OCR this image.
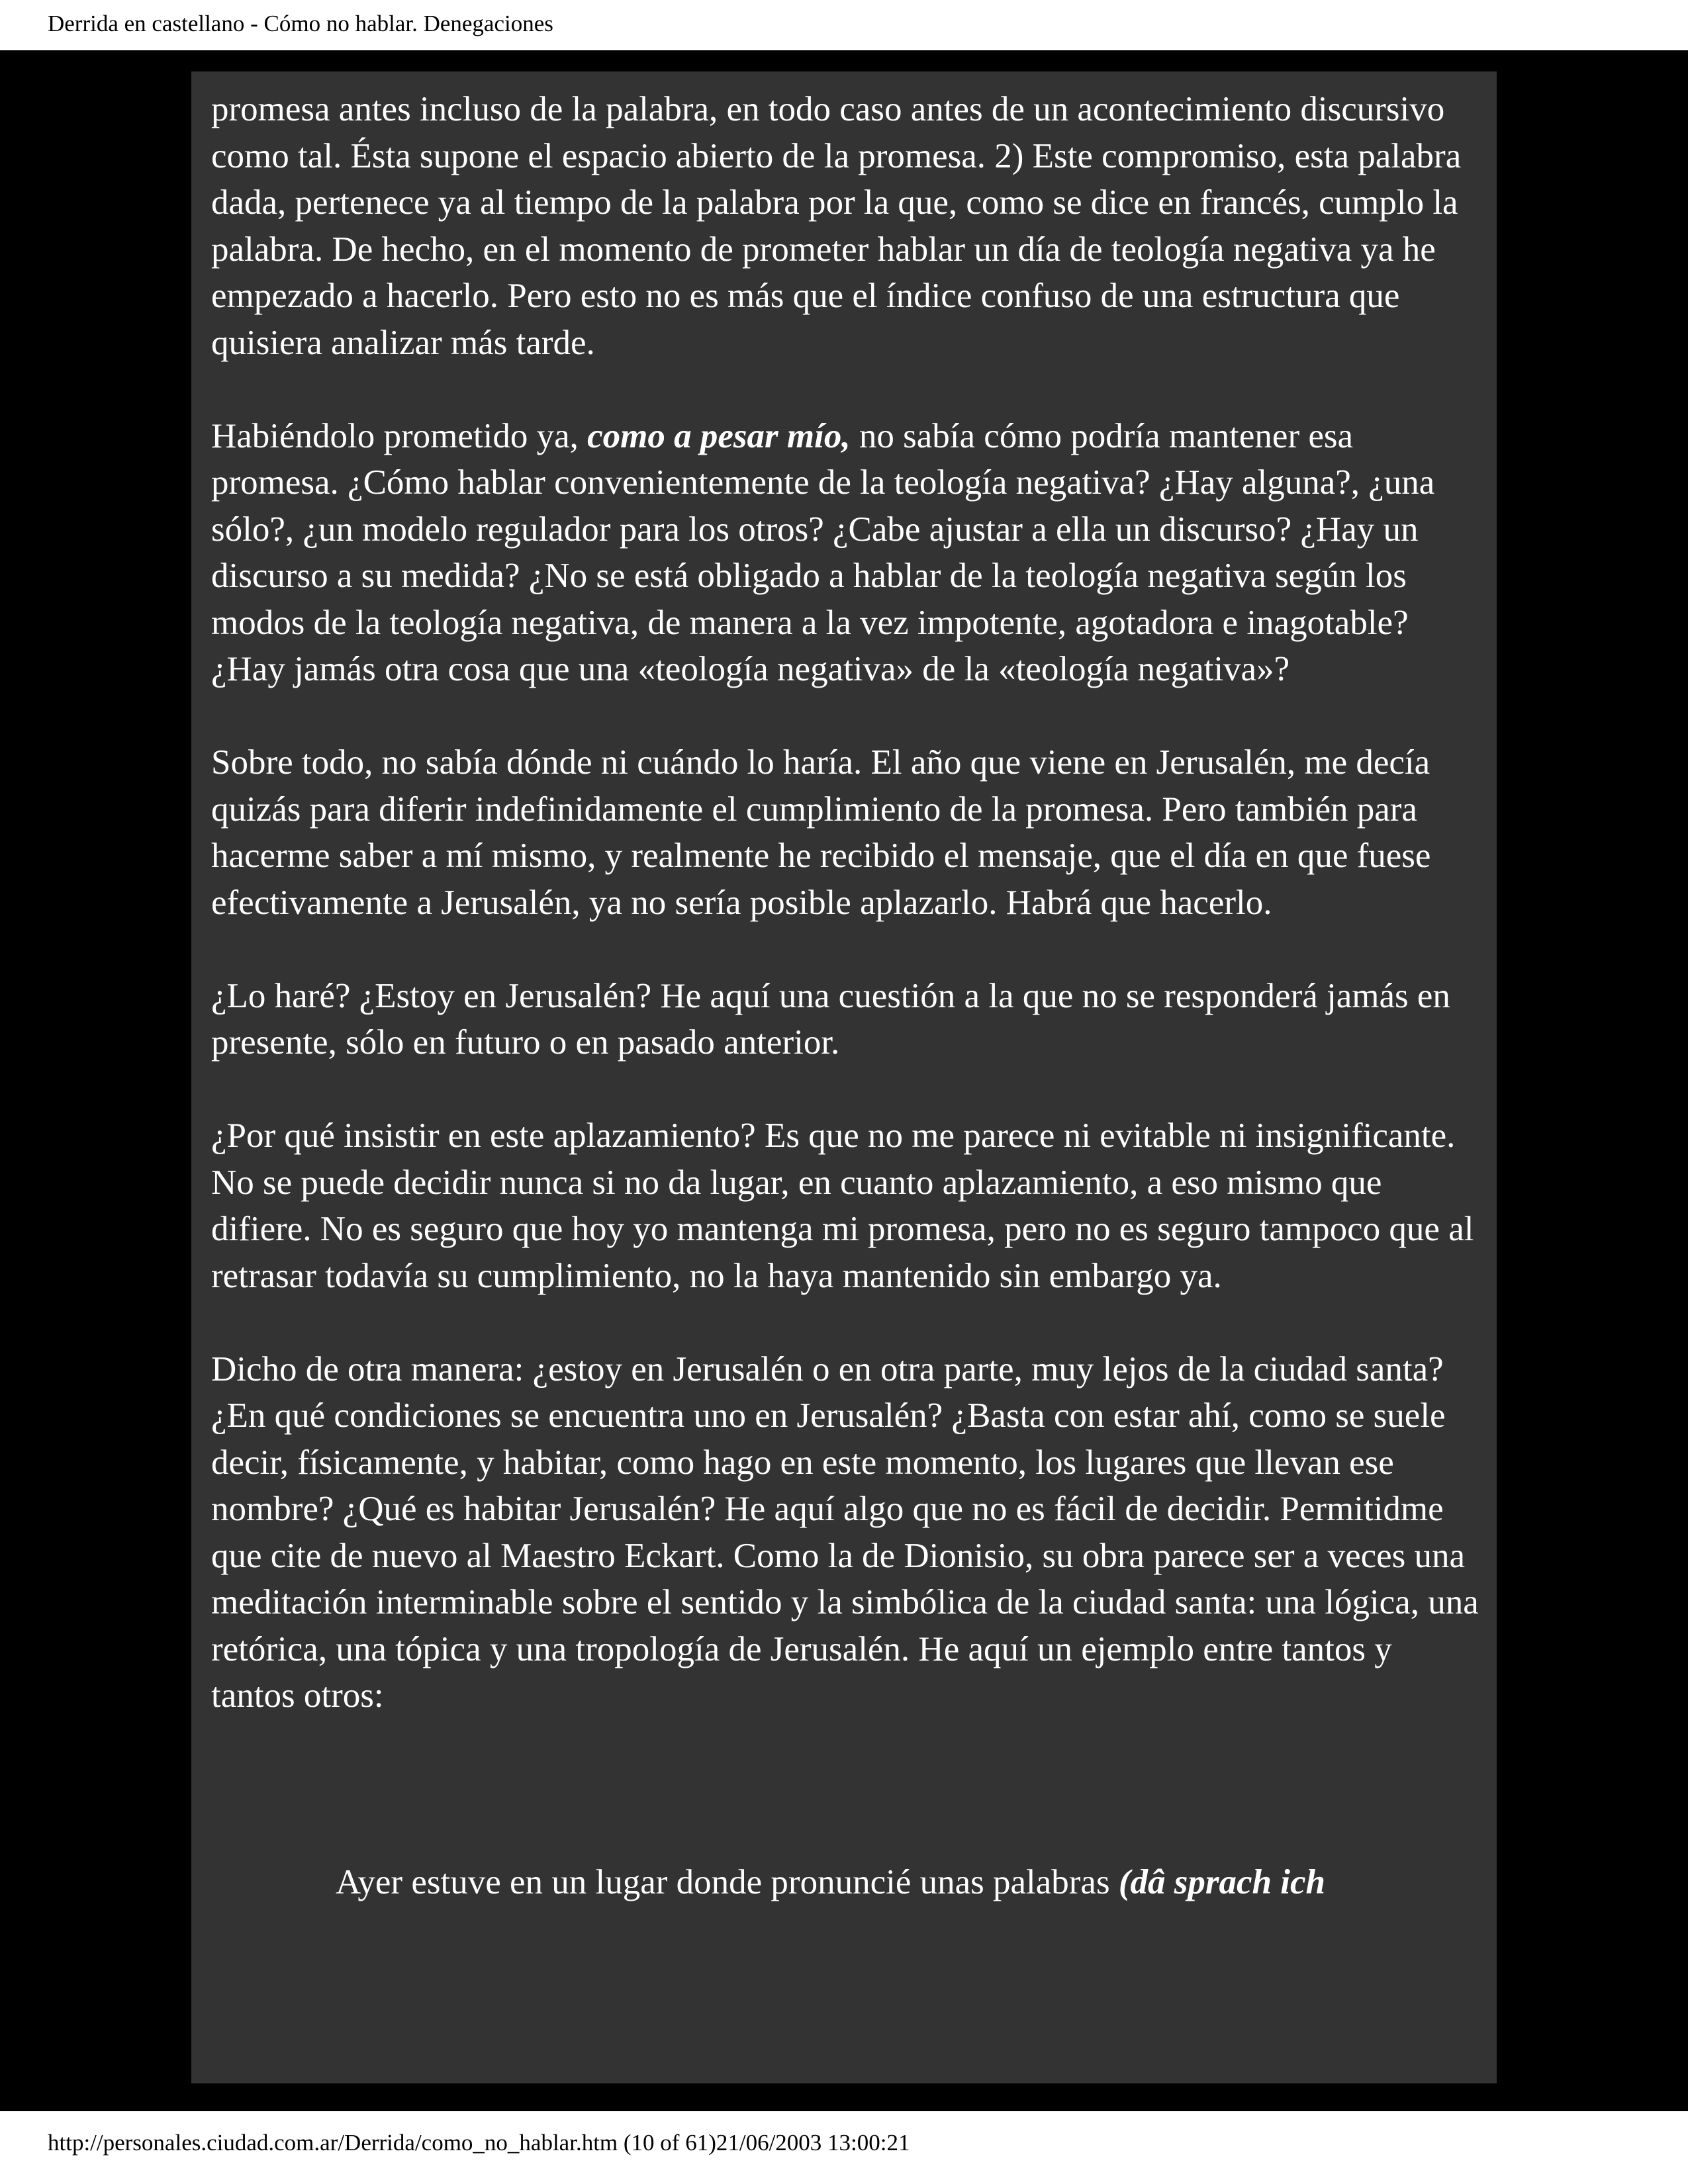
Derrida en castellano - Cómo no hablar. Denegaciones

promesa antes incluso de la palabra, en todo caso antes de un acontecimiento discursivo como tal. Ésta supone el espacio abierto de la promesa. 2) Este compromiso, esta palabra dada, pertenece ya al tiempo de la palabra por la que, como se dice en francés, cumplo la palabra. De hecho, en el momento de prometer hablar un día de teología negativa ya he empezado a hacerlo. Pero esto no es más que el índice confuso de una estructura que quisiera analizar más tarde.

Habiéndolo prometido ya, como a pesar mío, no sabía cómo podría mantener esa promesa. ¿Cómo hablar convenientemente de la teología negativa? ¿Hay alguna?, ¿una sólo?, ¿un modelo regulador para los otros? ¿Cabe ajustar a ella un discurso? ¿Hay un discurso a su medida? ¿No se está obligado a hablar de la teología negativa según los modos de la teología negativa, de manera a la vez impotente, agotadora e inagotable? ¿Hay jamás otra cosa que una «teología negativa» de la «teología negativa»?

Sobre todo, no sabía dónde ni cuándo lo haría. El año que viene en Jerusalén, me decía quizás para diferir indefinidamente el cumplimiento de la promesa. Pero también para hacerme saber a mí mismo, y realmente he recibido el mensaje, que el día en que fuese efectivamente a Jerusalén, ya no sería posible aplazarlo. Habrá que hacerlo.

¿Lo haré? ¿Estoy en Jerusalén? He aquí una cuestión a la que no se responderá jamás en presente, sólo en futuro o en pasado anterior.

¿Por qué insistir en este aplazamiento? Es que no me parece ni evitable ni insignificante. No se puede decidir nunca si no da lugar, en cuanto aplazamiento, a eso mismo que difiere. No es seguro que hoy yo mantenga mi promesa, pero no es seguro tampoco que al retrasar todavía su cumplimiento, no la haya mantenido sin embargo ya.

Dicho de otra manera: ¿estoy en Jerusalén o en otra parte, muy lejos de la ciudad santa? ¿En qué condiciones se encuentra uno en Jerusalén? ¿Basta con estar ahí, como se suele decir, físicamente, y habitar, como hago en este momento, los lugares que llevan ese nombre? ¿Qué es habitar Jerusalén? He aquí algo que no es fácil de decidir. Permitidme que cite de nuevo al Maestro Eckart. Como la de Dionisio, su obra parece ser a veces una meditación interminable sobre el sentido y la simbólica de la ciudad santa: una lógica, una retórica, una tópica y una tropología de Jerusalén. He aquí un ejemplo entre tantos y tantos otros:

Ayer estuve en un lugar donde pronuncié unas palabras (dâ sprach ich

http://personales.ciudad.com.ar/Derrida/como_no_hablar.htm (10 of 61)21/06/2003 13:00:21
